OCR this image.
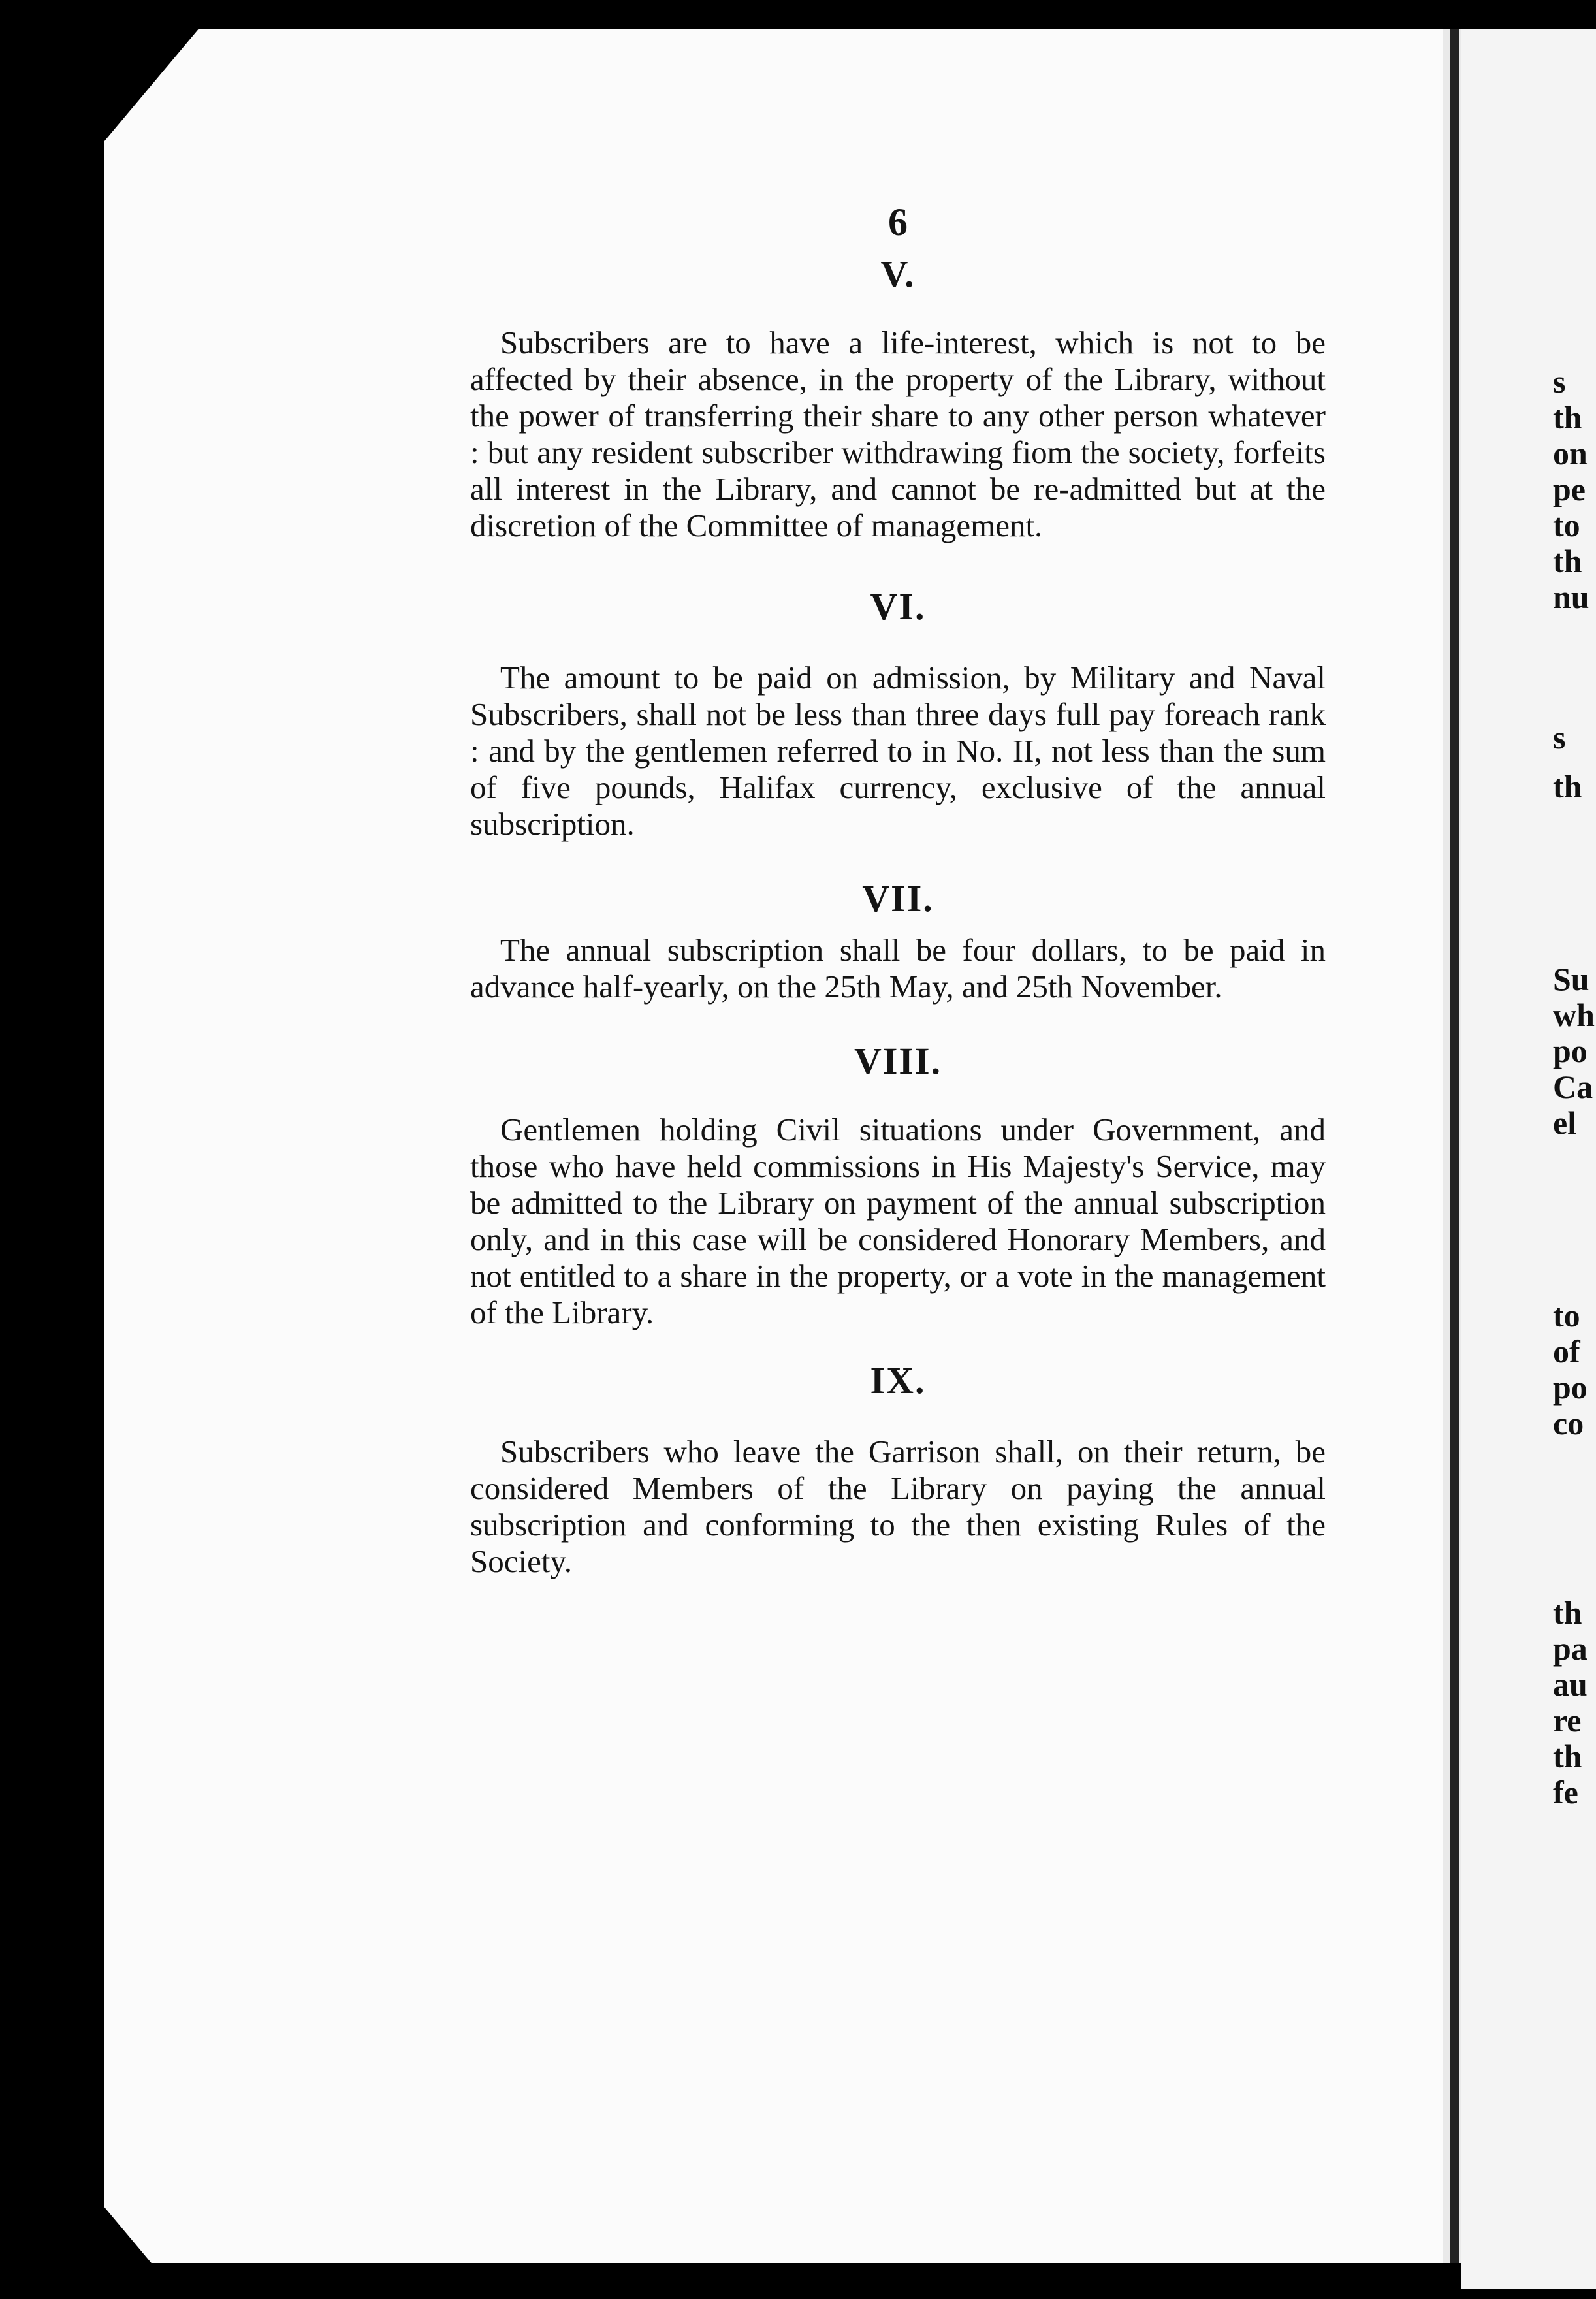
s
th
on
pe
to
th
nu
s
th
Su
wh
po
Ca
el
to
of
po
co
th
pa
au
re
th
fe
6
V.

Subscribers are to have a life-interest, which is not to be affected by their absence, in the property of the Library, without the power of transferring their share to any other person whatever : but any resident subscriber withdrawing fiom the society, forfeits all interest in the Library, and cannot be re-admitted but at the discretion of the Committee of management.

VI.

The amount to be paid on admission, by Military and Naval Subscribers, shall not be less than three days full pay foreach rank : and by the gentlemen referred to in No. II, not less than the sum of five pounds, Halifax currency, exclusive of the annual subscription.

VII.

The annual subscription shall be four dollars, to be paid in advance half-yearly, on the 25th May, and 25th November.

VIII.

Gentlemen holding Civil situations under Government, and those who have held commissions in His Majesty's Service, may be admitted to the Library on payment of the annual subscription only, and in this case will be considered Honorary Members, and not entitled to a share in the property, or a vote in the management of the Library.

IX.

Subscribers who leave the Garrison shall, on their return, be considered Members of the Library on paying the annual subscription and conforming to the then existing Rules of the Society.
